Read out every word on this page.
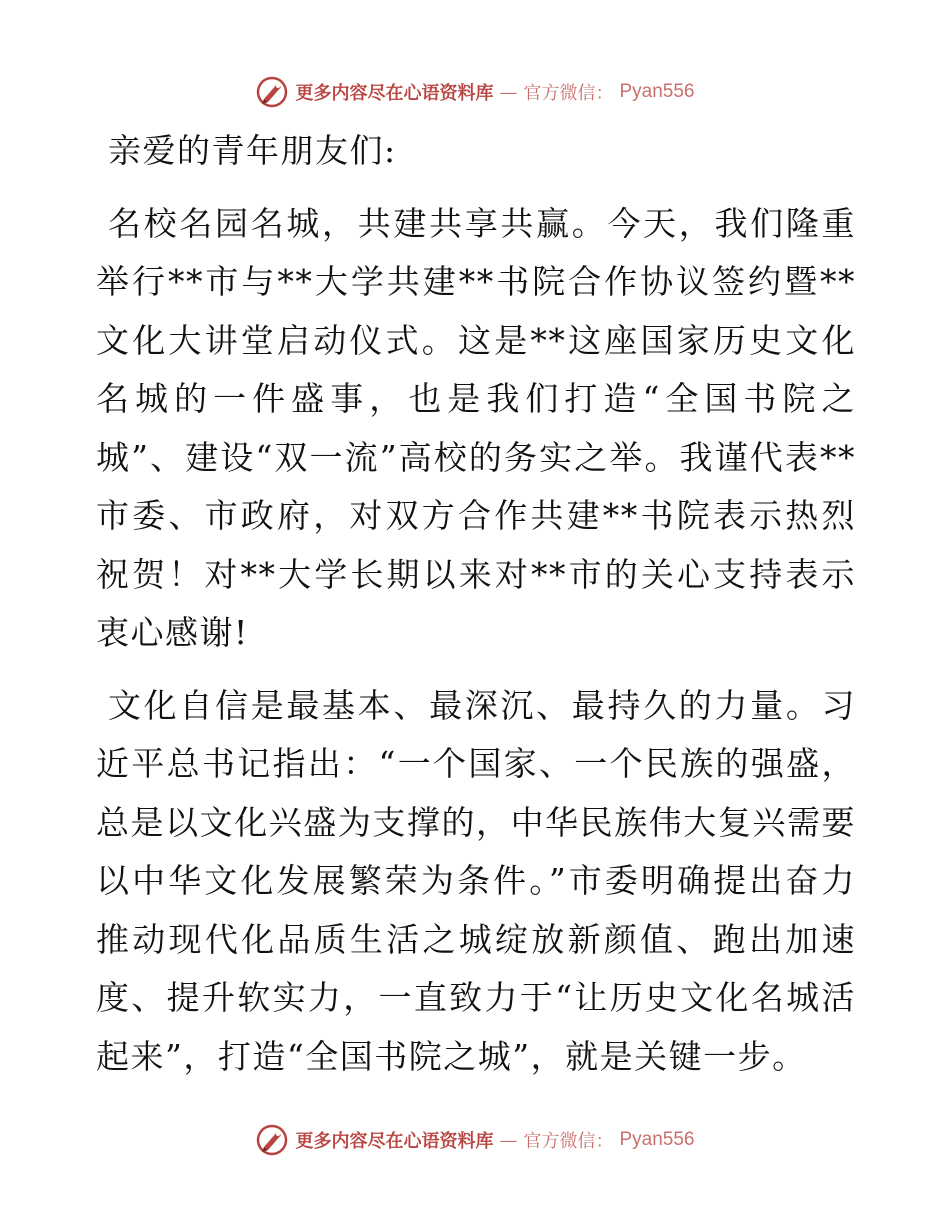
更多内容尽在心语资料库 — 官方微信： Pyan556

亲爱的青年朋友们:

名校名园名城，共建共享共赢。今天，我们隆重举行**市与**大学共建**书院合作协议签约暨**文化大讲堂启动仪式。这是**这座国家历史文化名城的一件盛事，也是我们打造“全国书院之城”、建设“双一流”高校的务实之举。我谨代表**市委、市政府，对双方合作共建**书院表示热烈祝贺！对**大学长期以来对**市的关心支持表示衷心感谢!

文化自信是最基本、最深沉、最持久的力量。习近平总书记指出：“一个国家、一个民族的强盛，总是以文化兴盛为支撑的，中华民族伟大复兴需要以中华文化发展繁荣为条件。”市委明确提出奋力推动现代化品质生活之城绽放新颜值、跑出加速度、提升软实力，一直致力于“让历史文化名城活起来”，打造“全国书院之城”，就是关键一步。

更多内容尽在心语资料库 — 官方微信： Pyan556
